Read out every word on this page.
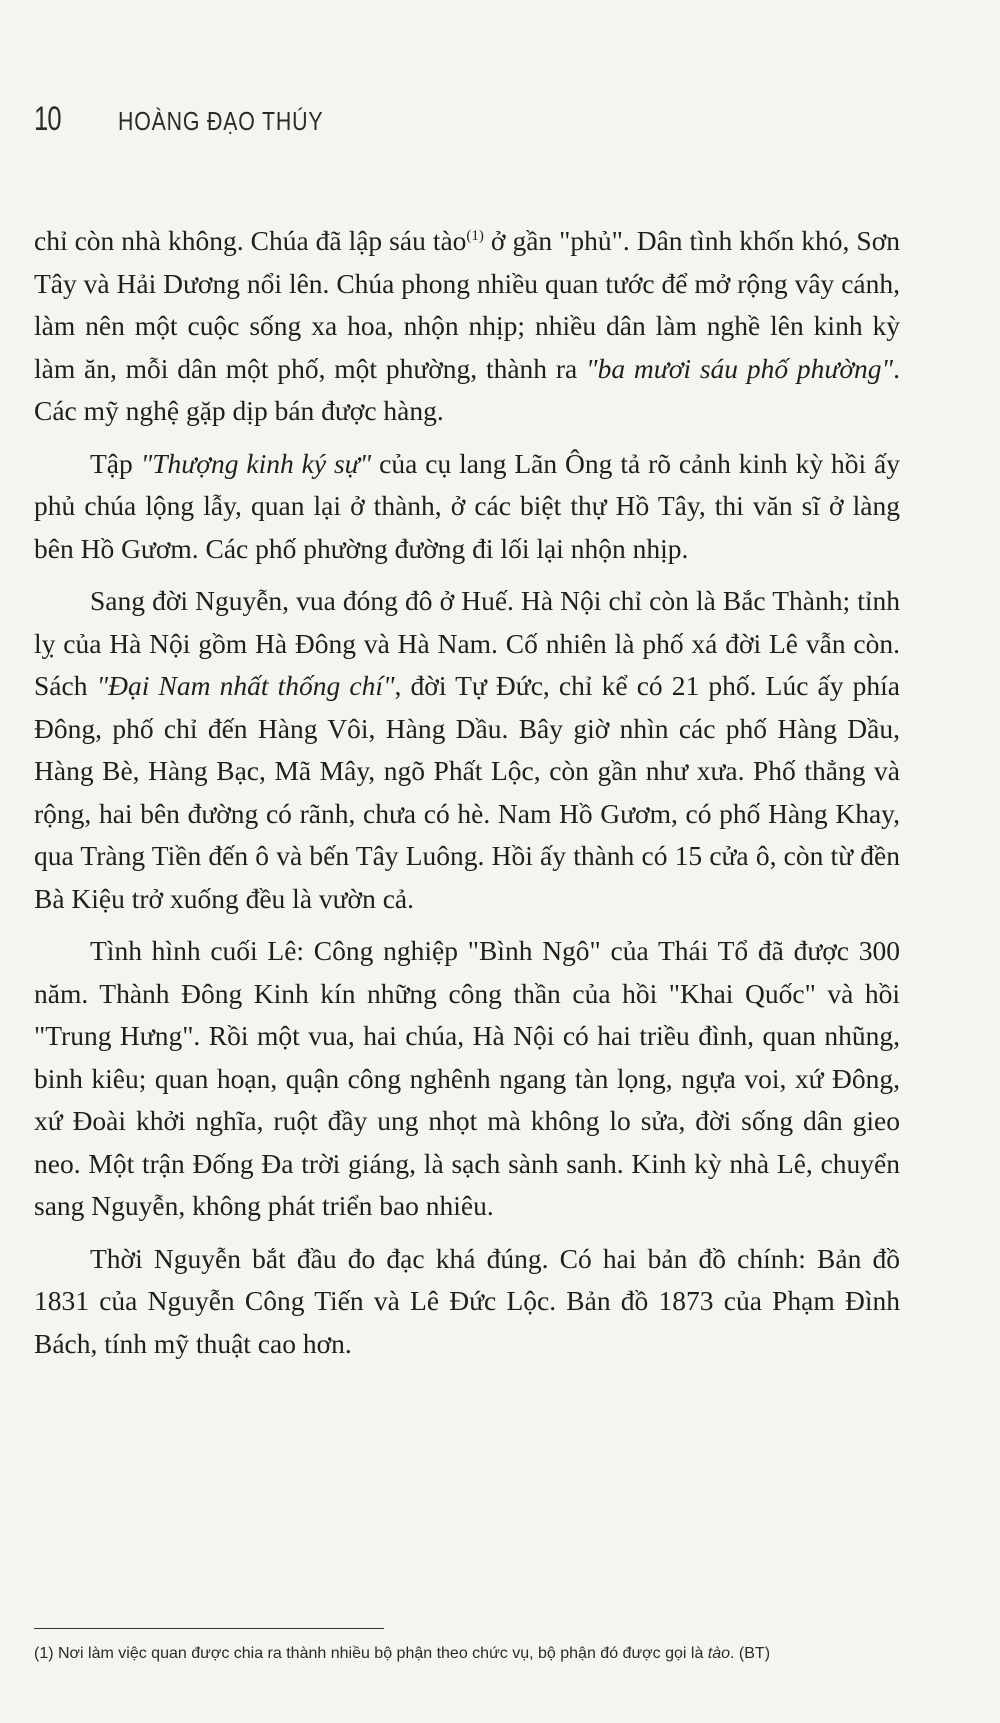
10 HOÀNG ĐẠO THÚY

chỉ còn nhà không. Chúa đã lập sáu tào$^{(1)}$ ở gần "phủ". Dân tình khốn khó, Sơn Tây và Hải Dương nổi lên. Chúa phong nhiều quan tước để mở rộng vây cánh, làm nên một cuộc sống xa hoa, nhộn nhịp; nhiều dân làm nghề lên kinh kỳ làm ăn, mỗi dân một phố, một phường, thành ra "ba mươi sáu phố phường". Các mỹ nghệ gặp dịp bán được hàng.

Tập "Thượng kinh ký sự" của cụ lang Lãn Ông tả rõ cảnh kinh kỳ hồi ấy phủ chúa lộng lẫy, quan lại ở thành, ở các biệt thự Hồ Tây, thi văn sĩ ở làng bên Hồ Gươm. Các phố phường đường đi lối lại nhộn nhịp.

Sang đời Nguyễn, vua đóng đô ở Huế. Hà Nội chỉ còn là Bắc Thành; tỉnh lỵ của Hà Nội gồm Hà Đông và Hà Nam. Cố nhiên là phố xá đời Lê vẫn còn. Sách "Đại Nam nhất thống chí", đời Tự Đức, chỉ kể có 21 phố. Lúc ấy phía Đông, phố chỉ đến Hàng Vôi, Hàng Dầu. Bây giờ nhìn các phố Hàng Dầu, Hàng Bè, Hàng Bạc, Mã Mây, ngõ Phất Lộc, còn gần như xưa. Phố thẳng và rộng, hai bên đường có rãnh, chưa có hè. Nam Hồ Gươm, có phố Hàng Khay, qua Tràng Tiền đến ô và bến Tây Luông. Hồi ấy thành có 15 cửa ô, còn từ đền Bà Kiệu trở xuống đều là vườn cả.

Tình hình cuối Lê: Công nghiệp "Bình Ngô" của Thái Tổ đã được 300 năm. Thành Đông Kinh kín những công thần của hồi "Khai Quốc" và hồi "Trung Hưng". Rồi một vua, hai chúa, Hà Nội có hai triều đình, quan nhũng, binh kiêu; quan hoạn, quận công nghênh ngang tàn lọng, ngựa voi, xứ Đông, xứ Đoài khởi nghĩa, ruột đầy ung nhọt mà không lo sửa, đời sống dân gieo neo. Một trận Đống Đa trời giáng, là sạch sành sanh. Kinh kỳ nhà Lê, chuyển sang Nguyễn, không phát triển bao nhiêu.

Thời Nguyễn bắt đầu đo đạc khá đúng. Có hai bản đồ chính: Bản đồ 1831 của Nguyễn Công Tiến và Lê Đức Lộc. Bản đồ 1873 của Phạm Đình Bách, tính mỹ thuật cao hơn.

(1) Nơi làm việc quan được chia ra thành nhiều bộ phận theo chức vụ, bộ phận đó được gọi là tào. (BT)
